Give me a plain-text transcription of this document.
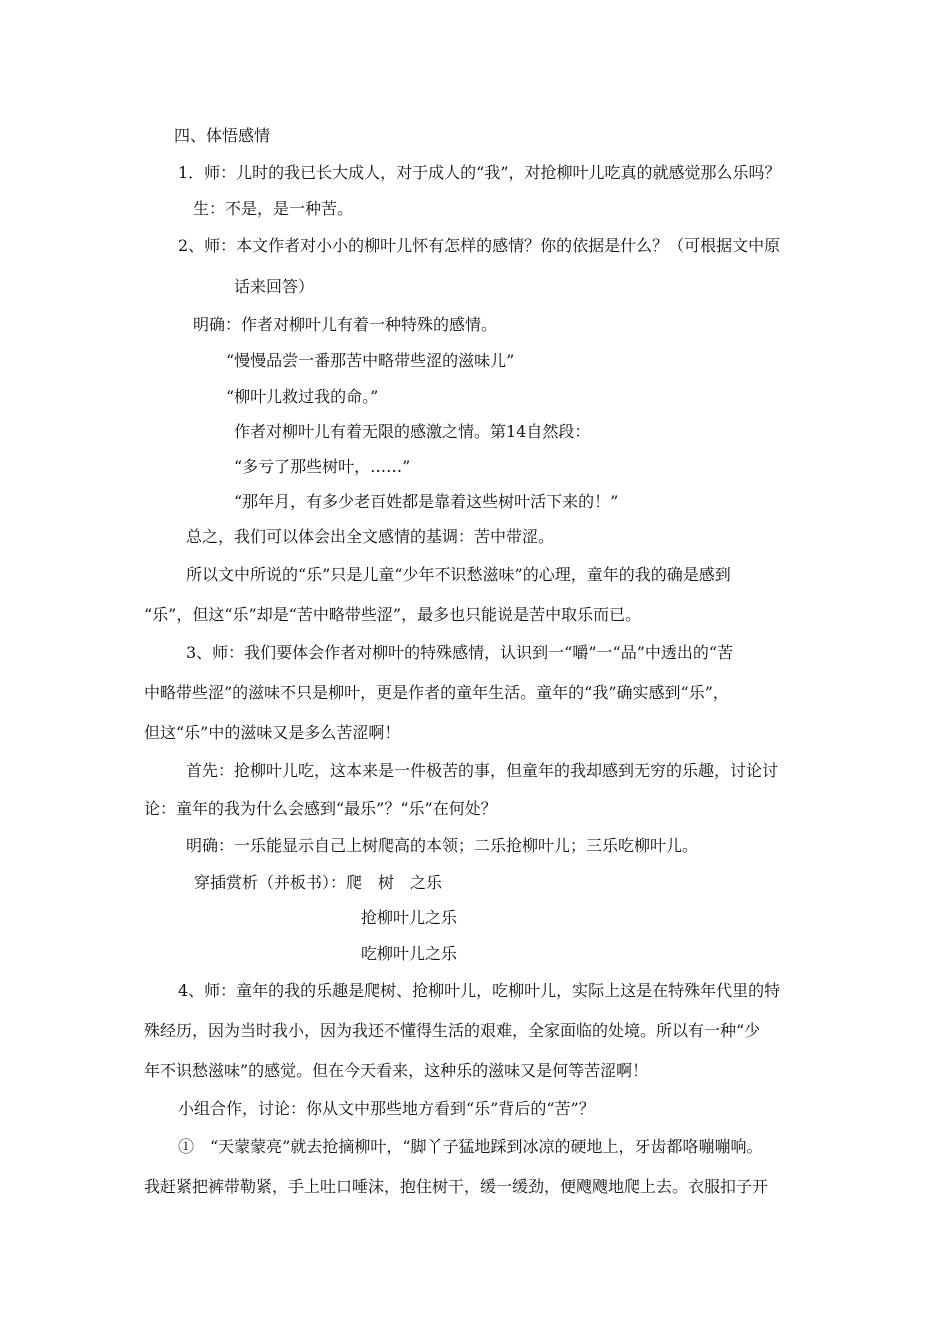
四、体悟感情
1．师：儿时的我已长大成人，对于成人的“我”，对抢柳叶儿吃真的就感觉那么乐吗？
生：不是，是一种苦。
2、师：本文作者对小小的柳叶儿怀有怎样的感情？你的依据是什么？（可根据文中原
话来回答）
明确：作者对柳叶儿有着一种特殊的感情。
“慢慢品尝一番那苦中略带些涩的滋味儿”
“柳叶儿救过我的命。”
作者对柳叶儿有着无限的感激之情。第14自然段：
“多亏了那些树叶，……”
“那年月，有多少老百姓都是靠着这些树叶活下来的！”
总之，我们可以体会出全文感情的基调：苦中带涩。
所以文中所说的“乐”只是儿童“少年不识愁滋味”的心理，童年的我的确是感到
“乐”，但这“乐”却是“苦中略带些涩”，最多也只能说是苦中取乐而已。
3、师：我们要体会作者对柳叶的特殊感情，认识到一“嚼”一“品”中透出的“苦
中略带些涩”的滋味不只是柳叶，更是作者的童年生活。童年的“我”确实感到“乐”，
但这“乐”中的滋味又是多么苦涩啊！
首先：抢柳叶儿吃，这本来是一件极苦的事，但童年的我却感到无穷的乐趣，讨论讨
论：童年的我为什么会感到“最乐”？“乐”在何处？
明确：一乐能显示自己上树爬高的本领；二乐抢柳叶儿；三乐吃柳叶儿。
穿插赏析（并板书）：爬　树　之乐
抢柳叶儿之乐
吃柳叶儿之乐
4、师：童年的我的乐趣是爬树、抢柳叶儿，吃柳叶儿，实际上这是在特殊年代里的特
殊经历，因为当时我小，因为我还不懂得生活的艰难，全家面临的处境。所以有一种“少
年不识愁滋味”的感觉。但在今天看来，这种乐的滋味又是何等苦涩啊！
小组合作，讨论：你从文中那些地方看到“乐”背后的“苦”？
①　“天蒙蒙亮”就去抢摘柳叶，“脚丫子猛地踩到冰凉的硬地上，牙齿都咯嘣嘣响。
我赶紧把裤带勒紧，手上吐口唾沫，抱住树干，缓一缓劲，便飕飕地爬上去。衣服扣子开
